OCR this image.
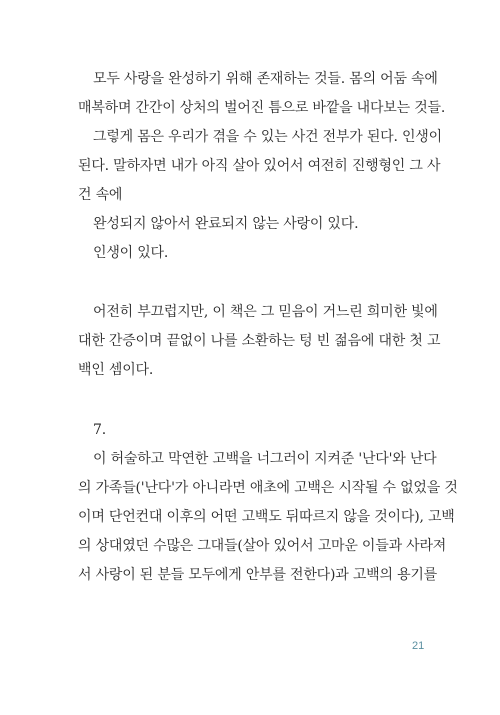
모두 사랑을 완성하기 위해 존재하는 것들. 몸의 어둠 속에
매복하며 간간이 상처의 벌어진 틈으로 바깥을 내다보는 것들.
그렇게 몸은 우리가 겪을 수 있는 사건 전부가 된다. 인생이
된다. 말하자면 내가 아직 살아 있어서 여전히 진행형인 그 사
건 속에
완성되지 않아서 완료되지 않는 사랑이 있다.
인생이 있다.
어전히 부끄럽지만, 이 책은 그 믿음이 거느린 희미한 빛에
대한 간증이며 끝없이 나를 소환하는 텅 빈 젊음에 대한 첫 고
백인 셈이다.
7.
이 허술하고 막연한 고백을 너그러이 지켜준 '난다'와 난다
의 가족들('난다'가 아니라면 애초에 고백은 시작될 수 없었을 것
이며 단언컨대 이후의 어떤 고백도 뒤따르지 않을 것이다), 고백
의 상대였던 수많은 그대들(살아 있어서 고마운 이들과 사라져
서 사랑이 된 분들 모두에게 안부를 전한다)과 고백의 용기를
21
